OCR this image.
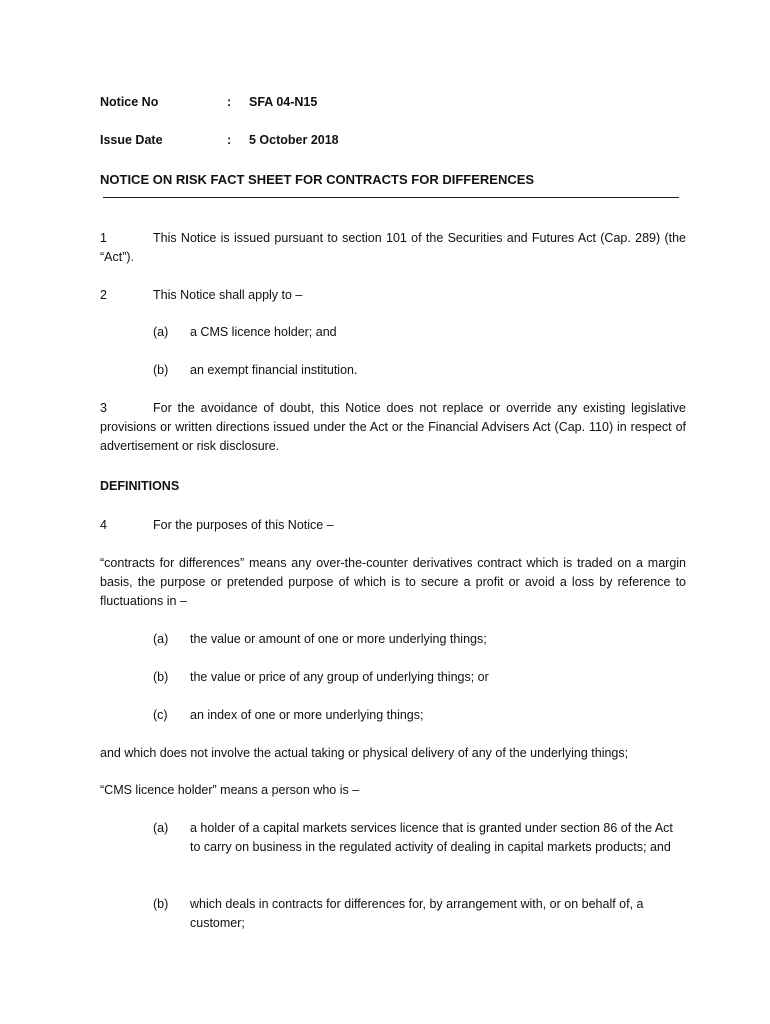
Notice No	: SFA 04-N15
Issue Date	: 5 October 2018
NOTICE ON RISK FACT SHEET FOR CONTRACTS FOR DIFFERENCES
1	This Notice is issued pursuant to section 101 of the Securities and Futures Act (Cap. 289) (the “Act”).
2	This Notice shall apply to –
(a) a CMS licence holder; and
(b) an exempt financial institution.
3	For the avoidance of doubt, this Notice does not replace or override any existing legislative provisions or written directions issued under the Act or the Financial Advisers Act (Cap. 110) in respect of advertisement or risk disclosure.
DEFINITIONS
4	For the purposes of this Notice –
“contracts for differences” means any over-the-counter derivatives contract which is traded on a margin basis, the purpose or pretended purpose of which is to secure a profit or avoid a loss by reference to fluctuations in –
(a) the value or amount of one or more underlying things;
(b) the value or price of any group of underlying things; or
(c) an index of one or more underlying things;
and which does not involve the actual taking or physical delivery of any of the underlying things;
“CMS licence holder” means a person who is –
(a) a holder of a capital markets services licence that is granted under section 86 of the Act to carry on business in the regulated activity of dealing in capital markets products; and
(b) which deals in contracts for differences for, by arrangement with, or on behalf of, a customer;
